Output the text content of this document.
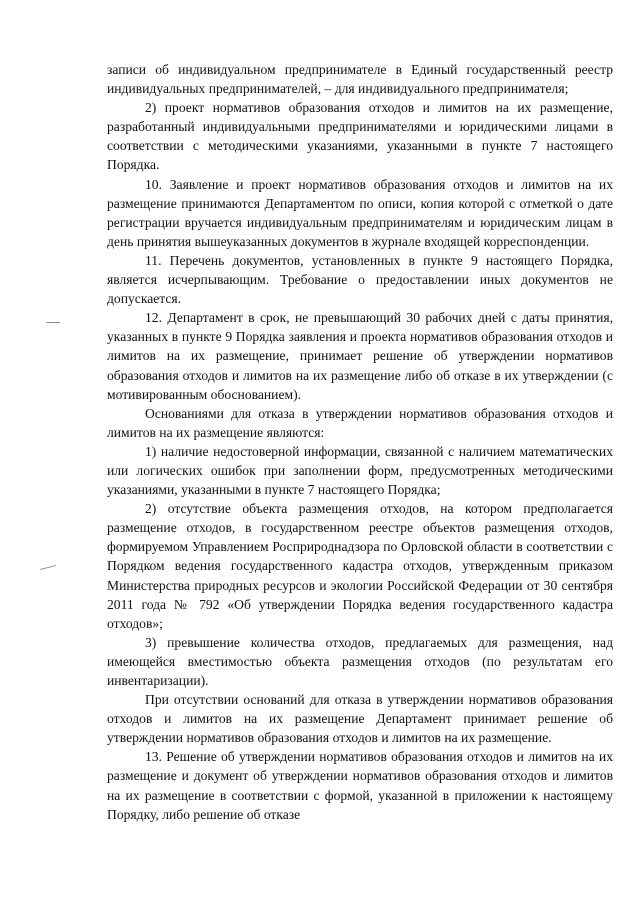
записи об индивидуальном предпринимателе в Единый государственный реестр индивидуальных предпринимателей, – для индивидуального предпринимателя;

2) проект нормативов образования отходов и лимитов на их размещение, разработанный индивидуальными предпринимателями и юридическими лицами в соответствии с методическими указаниями, указанными в пункте 7 настоящего Порядка.

10. Заявление и проект нормативов образования отходов и лимитов на их размещение принимаются Департаментом по описи, копия которой с отметкой о дате регистрации вручается индивидуальным предпринимателям и юридическим лицам в день принятия вышеуказанных документов в журнале входящей корреспонденции.

11. Перечень документов, установленных в пункте 9 настоящего Порядка, является исчерпывающим. Требование о предоставлении иных документов не допускается.

12. Департамент в срок, не превышающий 30 рабочих дней с даты принятия, указанных в пункте 9 Порядка заявления и проекта нормативов образования отходов и лимитов на их размещение, принимает решение об утверждении нормативов образования отходов и лимитов на их размещение либо об отказе в их утверждении (с мотивированным обоснованием).

Основаниями для отказа в утверждении нормативов образования отходов и лимитов на их размещение являются:

1) наличие недостоверной информации, связанной с наличием математических или логических ошибок при заполнении форм, предусмотренных методическими указаниями, указанными в пункте 7 настоящего Порядка;

2) отсутствие объекта размещения отходов, на котором предполагается размещение отходов, в государственном реестре объектов размещения отходов, формируемом Управлением Росприроднадзора по Орловской области в соответствии с Порядком ведения государственного кадастра отходов, утвержденным приказом Министерства природных ресурсов и экологии Российской Федерации от 30 сентября 2011 года № 792 «Об утверждении Порядка ведения государственного кадастра отходов»;

3) превышение количества отходов, предлагаемых для размещения, над имеющейся вместимостью объекта размещения отходов (по результатам его инвентаризации).

При отсутствии оснований для отказа в утверждении нормативов образования отходов и лимитов на их размещение Департамент принимает решение об утверждении нормативов образования отходов и лимитов на их размещение.

13. Решение об утверждении нормативов образования отходов и лимитов на их размещение и документ об утверждении нормативов образования отходов и лимитов на их размещение в соответствии с формой, указанной в приложении к настоящему Порядку, либо решение об отказе
